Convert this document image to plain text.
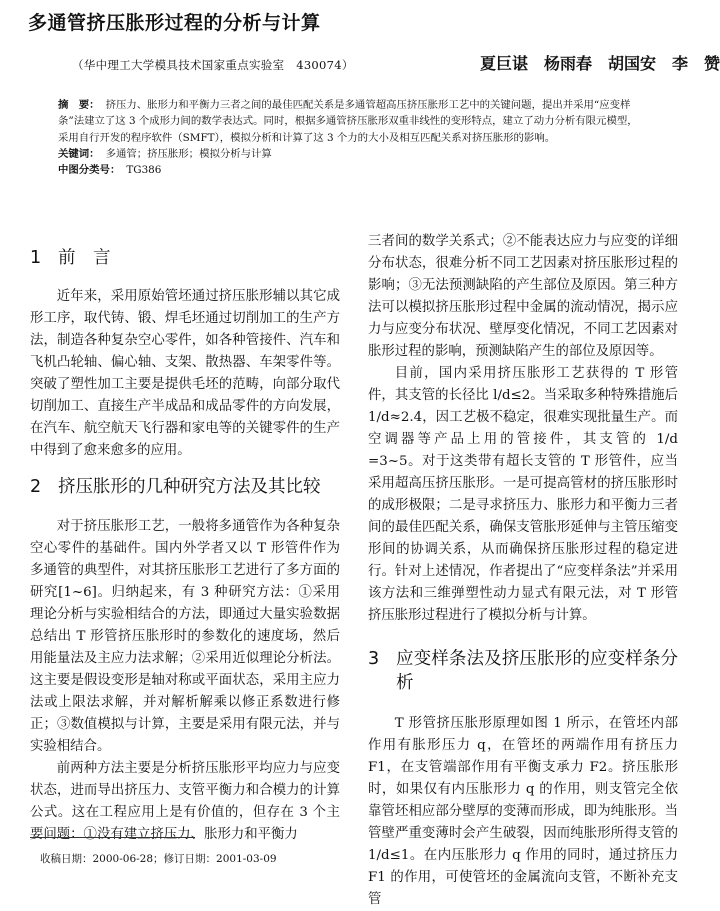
多通管挤压胀形过程的分析与计算
（华中理工大学模具技术国家重点实验室　430074）	夏巨谌　杨雨春　胡国安　李　赞

摘　要： 挤压力、胀形力和平衡力三者之间的最佳匹配关系是多通管超高压挤压胀形工艺中的关键问题，提出并采用“应变样条”法建立了这 3 个成形力间的数学表达式。同时，根据多通管挤压胀形双重非线性的变形特点，建立了动力分析有限元模型，采用自行开发的程序软件（SMFT），模拟分析和计算了这 3 个力的大小及相互匹配关系对挤压胀形的影响。

关键词： 多通管；挤压胀形；模拟分析与计算

中图分类号： TG386

1 前　言

近年来，采用原始管坯通过挤压胀形辅以其它成形工序，取代铸、锻、焊毛坯通过切削加工的生产方法，制造各种复杂空心零件，如各种管接件、汽车和飞机凸轮轴、偏心轴、支架、散热器、车架零件等。突破了塑性加工主要是提供毛坯的范畴，向部分取代切削加工、直接生产半成品和成品零件的方向发展，在汽车、航空航天飞行器和家电等的关键零件的生产中得到了愈来愈多的应用。

2 挤压胀形的几种研究方法及其比较

对于挤压胀形工艺，一般将多通管作为各种复杂空心零件的基础件。国内外学者又以 T 形管件作为多通管的典型件，对其挤压胀形工艺进行了多方面的研究[1~6]。归纳起来，有 3 种研究方法：①采用理论分析与实验相结合的方法，即通过大量实验数据总结出 T 形管挤压胀形时的参数化的速度场，然后用能量法及主应力法求解；②采用近似理论分析法。这主要是假设变形是轴对称或平面状态，采用主应力法或上限法求解，并对解析解乘以修正系数进行修正；③数值模拟与计算，主要是采用有限元法，并与实验相结合。

前两种方法主要是分析挤压胀形平均应力与应变状态，进而导出挤压力、支管平衡力和合模力的计算公式。这在工程应用上是有价值的，但存在 3 个主要问题：①没有建立挤压力、胀形力和平衡力

三者间的数学关系式；②不能表达应力与应变的详细分布状态，很难分析不同工艺因素对挤压胀形过程的影响；③无法预测缺陷的产生部位及原因。第三种方法可以模拟挤压胀形过程中金属的流动情况，揭示应力与应变分布状况、壁厚变化情况，不同工艺因素对胀形过程的影响，预测缺陷产生的部位及原因等。

目前，国内采用挤压胀形工艺获得的 T 形管件，其支管的长径比 l/d≤2。当采取多种特殊措施后 1/d≈2.4，因工艺极不稳定，很难实现批量生产。而空调器等产品上用的管接件，其支管的 1/d =3~5。对于这类带有超长支管的 T 形管件，应当采用超高压挤压胀形。一是可提高管材的挤压胀形时的成形极限；二是寻求挤压力、胀形力和平衡力三者间的最佳匹配关系，确保支管胀形延伸与主管压缩变形间的协调关系，从而确保挤压胀形过程的稳定进行。针对上述情况，作者提出了“应变样条法”并采用该方法和三维弹塑性动力显式有限元法，对 T 形管挤压胀形过程进行了模拟分析与计算。

3 应变样条法及挤压胀形的应变样条分析

T 形管挤压胀形原理如图 1 所示，在管坯内部作用有胀形压力 q，在管坯的两端作用有挤压力 F1，在支管端部作用有平衡支承力 F2。挤压胀形时，如果仅有内压胀形力 q 的作用，则支管完全依靠管坯相应部分壁厚的变薄而形成，即为纯胀形。当管壁严重变薄时会产生破裂，因而纯胀形所得支管的 1/d≤1。在内压胀形力 q 作用的同时，通过挤压力 F1 的作用，可使管坯的金属流向支管，不断补充支管

收稿日期：2000-06-28；修订日期：2001-03-09
